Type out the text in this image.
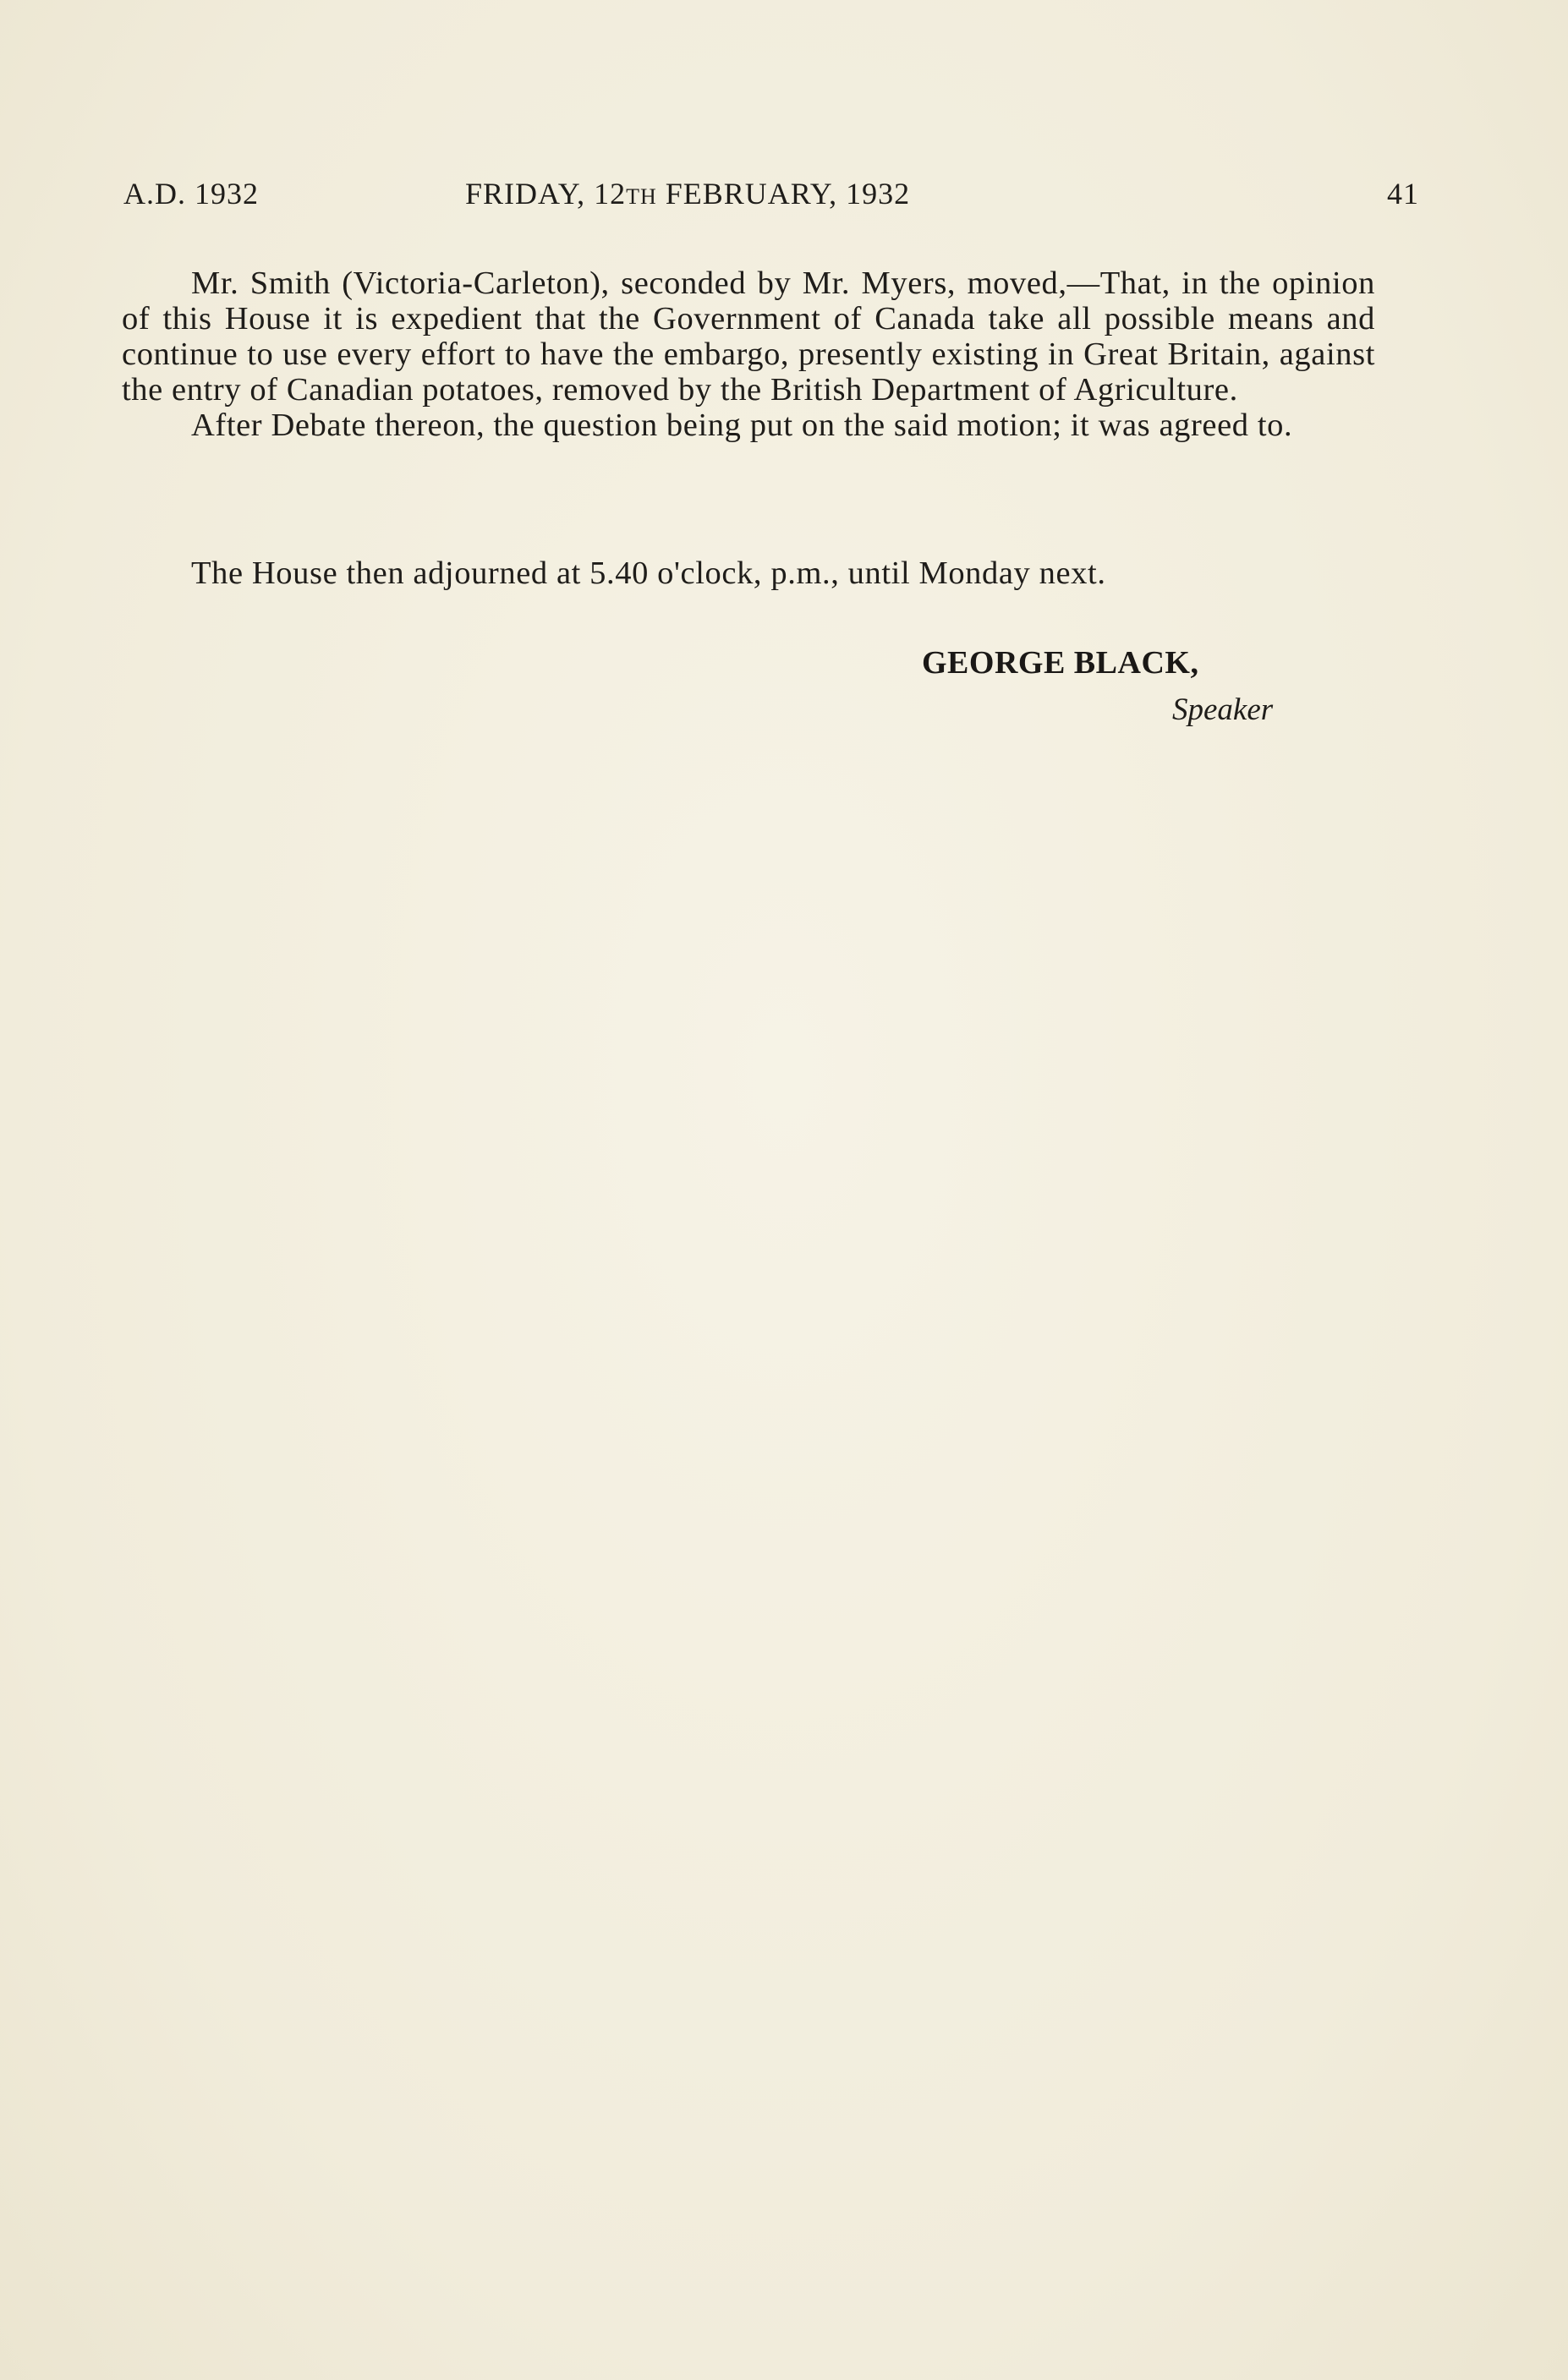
A.D. 1932	FRIDAY, 12TH FEBRUARY, 1932	41

Mr. Smith (Victoria-Carleton), seconded by Mr. Myers, moved,—That, in the opinion of this House it is expedient that the Government of Canada take all possible means and continue to use every effort to have the embargo, presently existing in Great Britain, against the entry of Canadian potatoes, removed by the British Department of Agriculture.

After Debate thereon, the question being put on the said motion; it was agreed to.

The House then adjourned at 5.40 o'clock, p.m., until Monday next.
GEORGE BLACK,
Speaker
